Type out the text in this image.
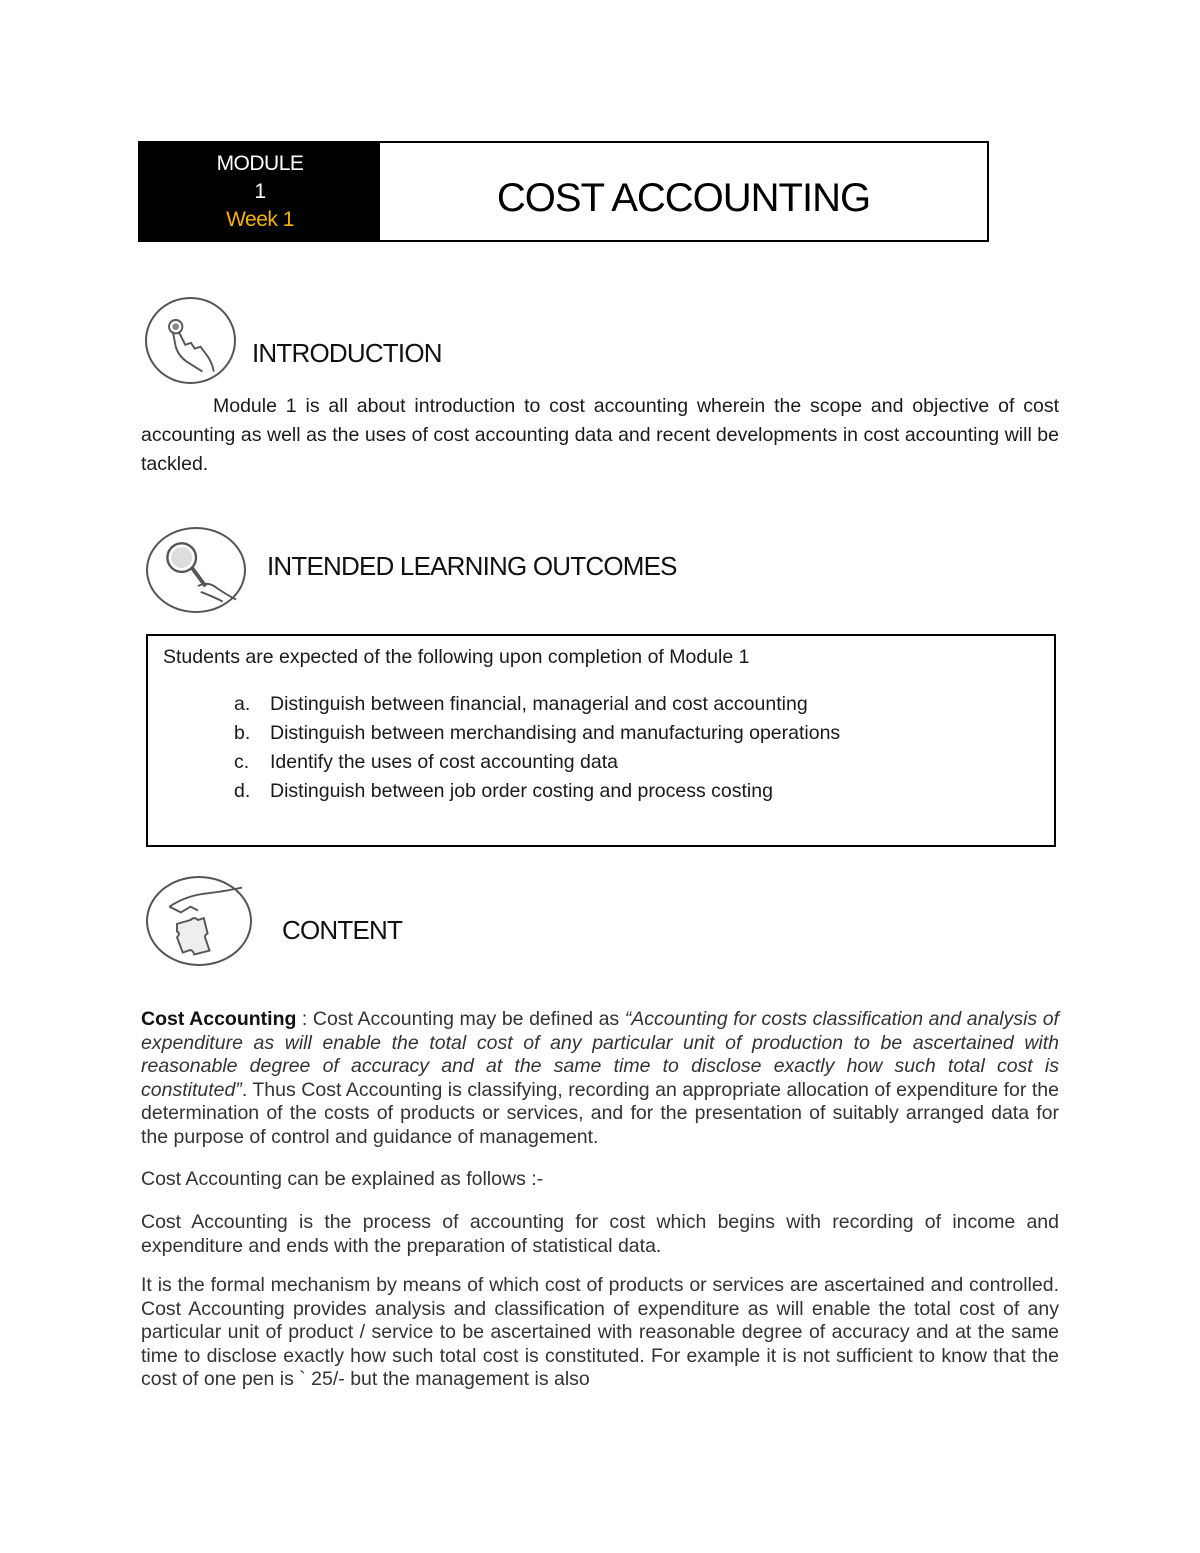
MODULE
1
Week 1	COST ACCOUNTING
INTRODUCTION
Module 1 is all about introduction to cost accounting wherein the scope and objective of cost accounting as well as the uses of cost accounting data and recent developments in cost accounting will be tackled.
INTENDED LEARNING OUTCOMES
Students are expected of the following upon completion of Module 1
a.	Distinguish between financial, managerial and cost accounting
b.	Distinguish between merchandising and manufacturing operations
c.	Identify the uses of cost accounting data
d.	Distinguish between job order costing and process costing
CONTENT
Cost Accounting : Cost Accounting may be defined as “Accounting for costs classification and analysis of expenditure as will enable the total cost of any particular unit of production to be ascertained with reasonable degree of accuracy and at the same time to disclose exactly how such total cost is constituted”. Thus Cost Accounting is classifying, recording an appropriate allocation of expenditure for the determination of the costs of products or services, and for the presentation of suitably arranged data for the purpose of control and guidance of management.
Cost Accounting can be explained as follows :-
Cost Accounting is the process of accounting for cost which begins with recording of income and expenditure and ends with the preparation of statistical data.
It is the formal mechanism by means of which cost of products or services are ascertained and controlled. Cost Accounting provides analysis and classification of expenditure as will enable the total cost of any particular unit of product / service to be ascertained with reasonable degree of accuracy and at the same time to disclose exactly how such total cost is constituted. For example it is not sufficient to know that the cost of one pen is ` 25/- but the management is also
